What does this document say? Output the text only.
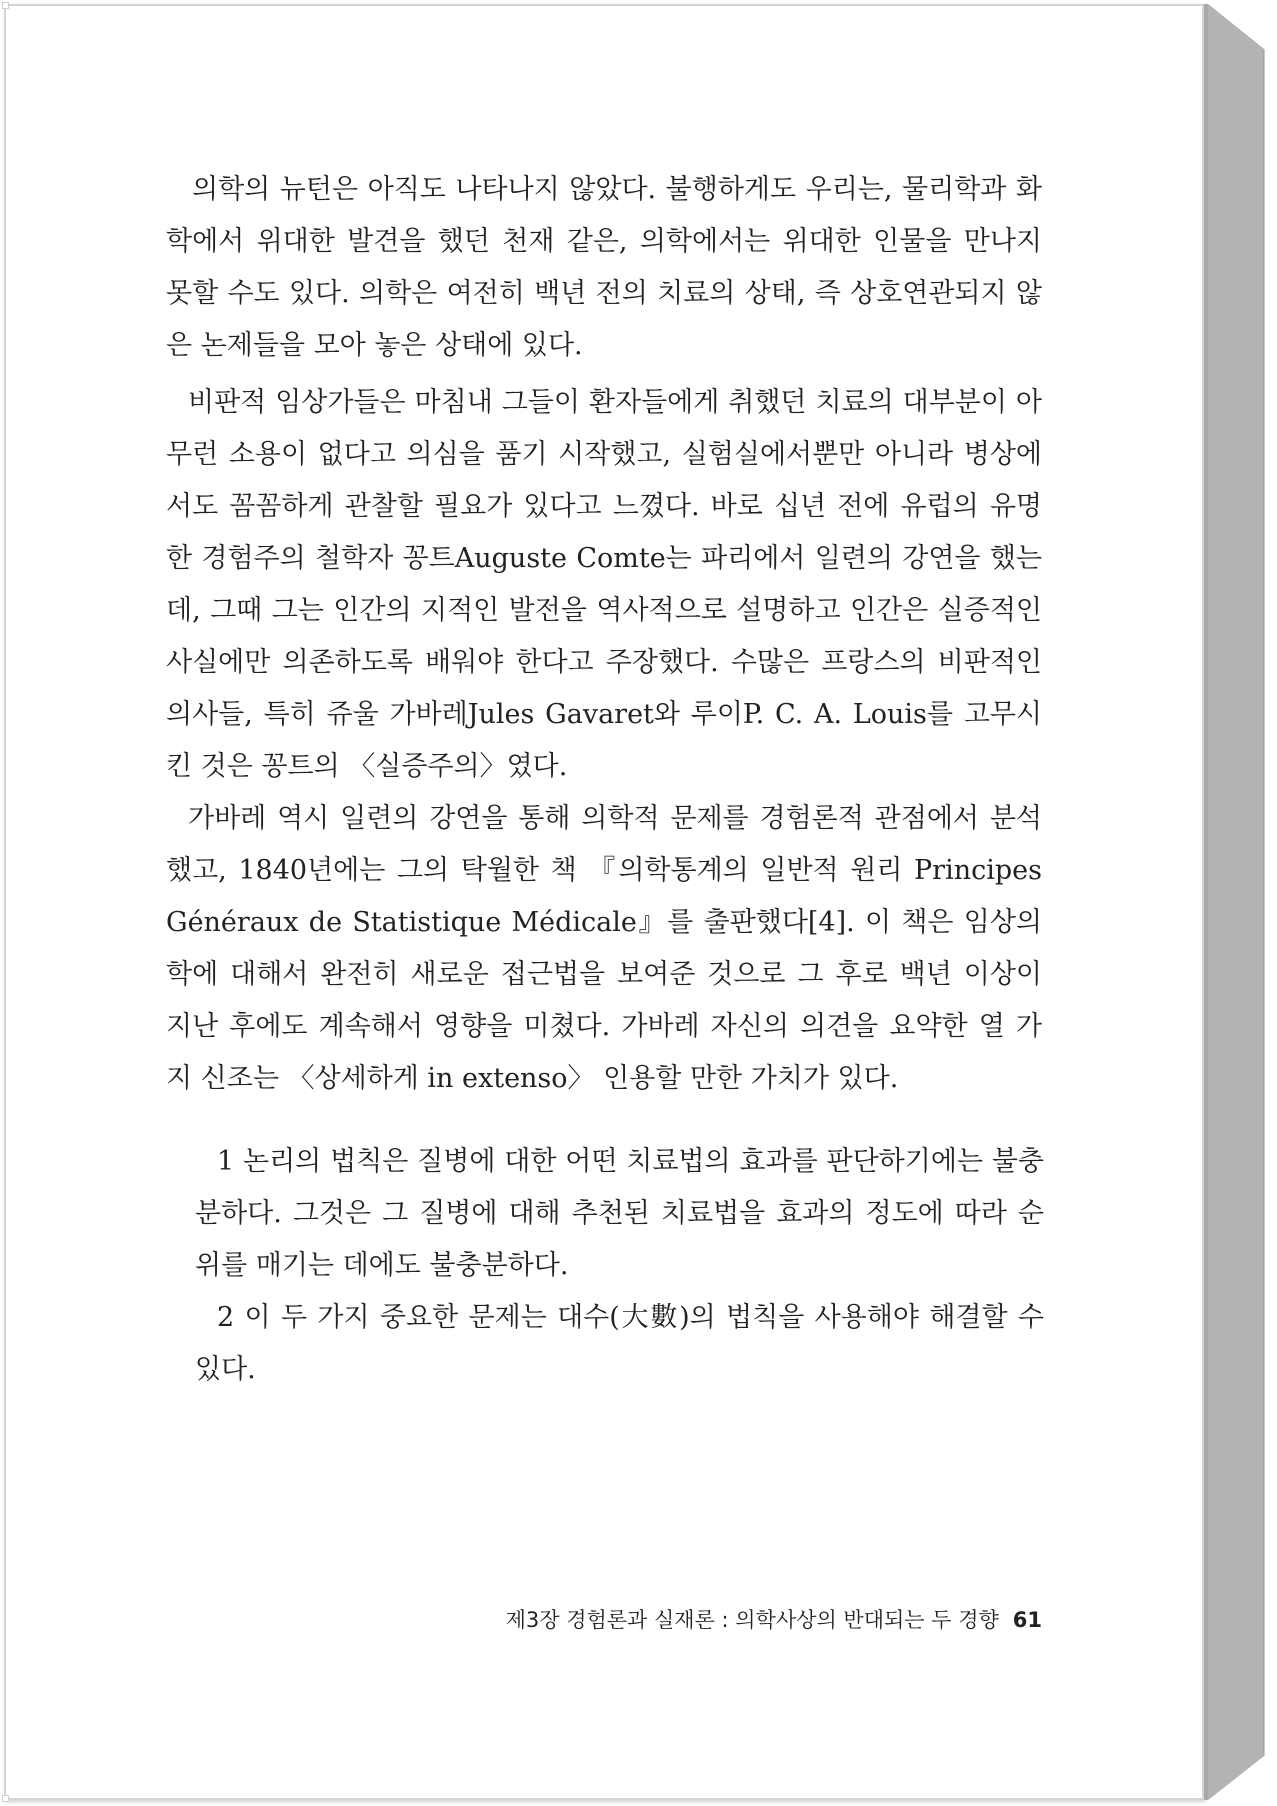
의학의 뉴턴은 아직도 나타나지 않았다. 불행하게도 우리는, 물리학과 화학에서 위대한 발견을 했던 천재 같은, 의학에서는 위대한 인물을 만나지 못할 수도 있다. 의학은 여전히 백년 전의 치료의 상태, 즉 상호연관되지 않은 논제들을 모아 놓은 상태에 있다.

비판적 임상가들은 마침내 그들이 환자들에게 취했던 치료의 대부분이 아무런 소용이 없다고 의심을 품기 시작했고, 실험실에서뿐만 아니라 병상에서도 꼼꼼하게 관찰할 필요가 있다고 느꼈다. 바로 십년 전에 유럽의 유명한 경험주의 철학자 꽁트Auguste Comte는 파리에서 일련의 강연을 했는데, 그때 그는 인간의 지적인 발전을 역사적으로 설명하고 인간은 실증적인 사실에만 의존하도록 배워야 한다고 주장했다. 수많은 프랑스의 비판적인 의사들, 특히 쥬울 가바레Jules Gavaret와 루이P. C. A. Louis를 고무시킨 것은 꽁트의 〈실증주의〉였다.

가바레 역시 일련의 강연을 통해 의학적 문제를 경험론적 관점에서 분석했고, 1840년에는 그의 탁월한 책 『의학통계의 일반적 원리 Principes Généraux de Statistique Médicale』를 출판했다[4]. 이 책은 임상의학에 대해서 완전히 새로운 접근법을 보여준 것으로 그 후로 백년 이상이 지난 후에도 계속해서 영향을 미쳤다. 가바레 자신의 의견을 요약한 열 가지 신조는 〈상세하게 in extenso〉 인용할 만한 가치가 있다.

1 논리의 법칙은 질병에 대한 어떤 치료법의 효과를 판단하기에는 불충분하다. 그것은 그 질병에 대해 추천된 치료법을 효과의 정도에 따라 순위를 매기는 데에도 불충분하다.

2 이 두 가지 중요한 문제는 대수(大數)의 법칙을 사용해야 해결할 수 있다.

제3장 경험론과 실재론 : 의학사상의 반대되는 두 경향 61
